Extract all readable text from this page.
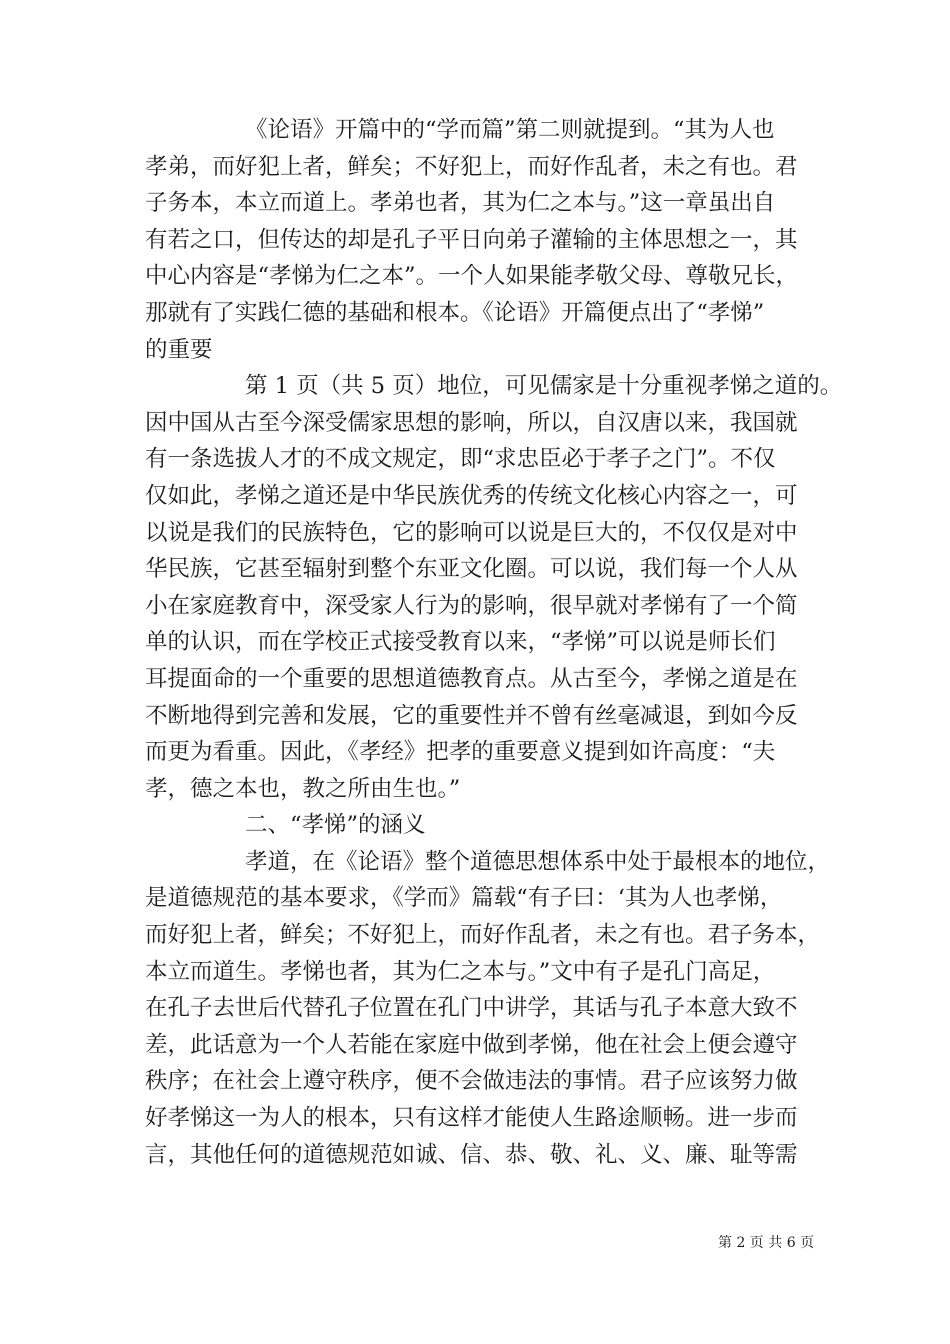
《论语》开篇中的“学而篇”第二则就提到。“其为人也
孝弟，而好犯上者，鲜矣；不好犯上，而好作乱者，未之有也。君
子务本，本立而道上。孝弟也者，其为仁之本与。”这一章虽出自
有若之口，但传达的却是孔子平日向弟子灌输的主体思想之一，其
中心内容是“孝悌为仁之本”。一个人如果能孝敬父母、尊敬兄长，
那就有了实践仁德的基础和根本。《论语》开篇便点出了“孝悌”
的重要
第 1 页（共 5 页）地位，可见儒家是十分重视孝悌之道的。
因中国从古至今深受儒家思想的影响，所以，自汉唐以来，我国就
有一条选拔人才的不成文规定，即“求忠臣必于孝子之门”。不仅
仅如此，孝悌之道还是中华民族优秀的传统文化核心内容之一，可
以说是我们的民族特色，它的影响可以说是巨大的，不仅仅是对中
华民族，它甚至辐射到整个东亚文化圈。可以说，我们每一个人从
小在家庭教育中，深受家人行为的影响，很早就对孝悌有了一个简
单的认识，而在学校正式接受教育以来，“孝悌”可以说是师长们
耳提面命的一个重要的思想道德教育点。从古至今，孝悌之道是在
不断地得到完善和发展，它的重要性并不曾有丝毫减退，到如今反
而更为看重。因此，《孝经》把孝的重要意义提到如许高度：“夫
孝，德之本也，教之所由生也。”
二、“孝悌”的涵义
孝道，在《论语》整个道德思想体系中处于最根本的地位，
是道德规范的基本要求，《学而》篇载“有子曰：‘其为人也孝悌，
而好犯上者，鲜矣；不好犯上，而好作乱者，未之有也。君子务本，
本立而道生。孝悌也者，其为仁之本与。”文中有子是孔门高足，
在孔子去世后代替孔子位置在孔门中讲学，其话与孔子本意大致不
差，此话意为一个人若能在家庭中做到孝悌，他在社会上便会遵守
秩序；在社会上遵守秩序，便不会做违法的事情。君子应该努力做
好孝悌这一为人的根本，只有这样才能使人生路途顺畅。进一步而
言，其他任何的道德规范如诚、信、恭、敬、礼、义、廉、耻等需
第 2 页 共 6 页
